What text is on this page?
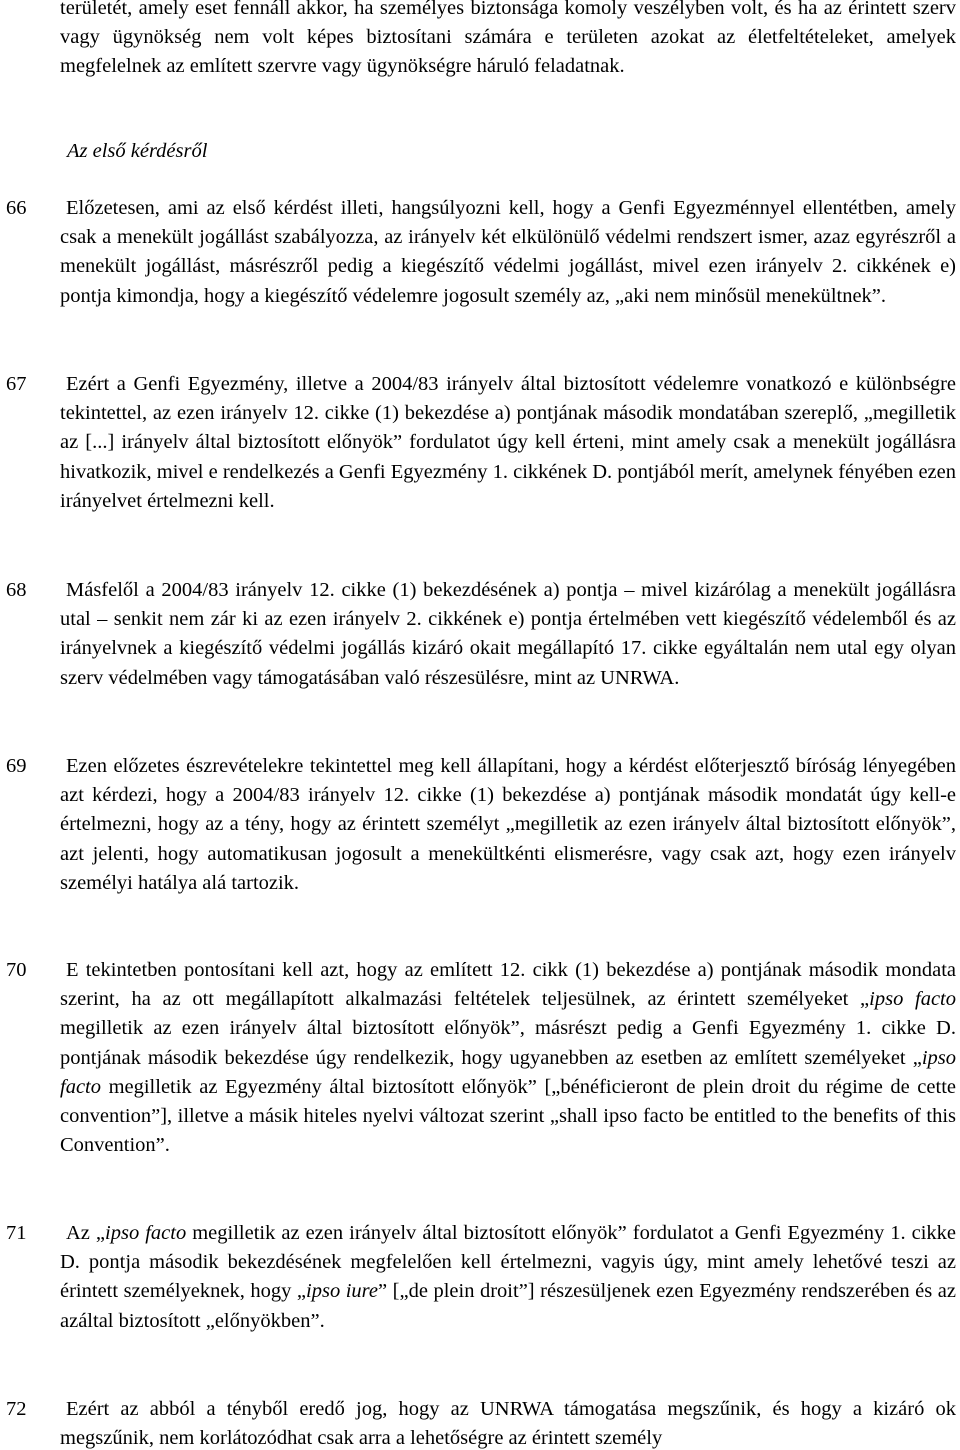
területét, amely eset fennáll akkor, ha személyes biztonsága komoly veszélyben volt, és ha az érintett szerv vagy ügynökség nem volt képes biztosítani számára e területen azokat az életfeltételeket, amelyek megfelelnek az említett szervre vagy ügynökségre háruló feladatnak.
Az első kérdésről
66	Előzetesen, ami az első kérdést illeti, hangsúlyozni kell, hogy a Genfi Egyezménnyel ellentétben, amely csak a menekült jogállást szabályozza, az irányelv két elkülönülő védelmi rendszert ismer, azaz egyrészről a menekült jogállást, másrészről pedig a kiegészítő védelmi jogállást, mivel ezen irányelv 2. cikkének e) pontja kimondja, hogy a kiegészítő védelemre jogosult személy az, „aki nem minősül menekültnek”.
67	Ezért a Genfi Egyezmény, illetve a 2004/83 irányelv által biztosított védelemre vonatkozó e különbségre tekintettel, az ezen irányelv 12. cikke (1) bekezdése a) pontjának második mondatában szereplő, „megilletik az [...] irányelv által biztosított előnyök” fordulatot úgy kell érteni, mint amely csak a menekült jogállásra hivatkozik, mivel e rendelkezés a Genfi Egyezmény 1. cikkének D. pontjából merít, amelynek fényében ezen irányelvet értelmezni kell.
68	Másfelől a 2004/83 irányelv 12. cikke (1) bekezdésének a) pontja – mivel kizárólag a menekült jogállásra utal – senkit nem zár ki az ezen irányelv 2. cikkének e) pontja értelmében vett kiegészítő védelemből és az irányelvnek a kiegészítő védelmi jogállás kizáró okait megállapító 17. cikke egyáltalán nem utal egy olyan szerv védelmében vagy támogatásában való részesülésre, mint az UNRWA.
69	Ezen előzetes észrevételekre tekintettel meg kell állapítani, hogy a kérdést előterjesztő bíróság lényegében azt kérdezi, hogy a 2004/83 irányelv 12. cikke (1) bekezdése a) pontjának második mondatát úgy kell-e értelmezni, hogy az a tény, hogy az érintett személyt „megilletik az ezen irányelv által biztosított előnyök”, azt jelenti, hogy automatikusan jogosult a menekültkénti elismerésre, vagy csak azt, hogy ezen irányelv személyi hatálya alá tartozik.
70	E tekintetben pontosítani kell azt, hogy az említett 12. cikk (1) bekezdése a) pontjának második mondata szerint, ha az ott megállapított alkalmazási feltételek teljesülnek, az érintett személyeket „ipso facto megilletik az ezen irányelv által biztosított előnyök”, másrészt pedig a Genfi Egyezmény 1. cikke D. pontjának második bekezdése úgy rendelkezik, hogy ugyanebben az esetben az említett személyeket „ipso facto megilletik az Egyezmény által biztosított előnyök” [„bénéficieront de plein droit du régime de cette convention”], illetve a másik hiteles nyelvi változat szerint „shall ipso facto be entitled to the benefits of this Convention”.
71	Az „ipso facto megilletik az ezen irányelv által biztosított előnyök” fordulatot a Genfi Egyezmény 1. cikke D. pontja második bekezdésének megfelelően kell értelmezni, vagyis úgy, mint amely lehetővé teszi az érintett személyeknek, hogy „ipso iure” [„de plein droit”] részesüljenek ezen Egyezmény rendszerében és az azáltal biztosított „előnyökben”.
72	Ezért az abból a tényből eredő jog, hogy az UNRWA támogatása megszűnik, és hogy a kizáró ok megszűnik, nem korlátozódhat csak arra a lehetőségre az érintett személy
